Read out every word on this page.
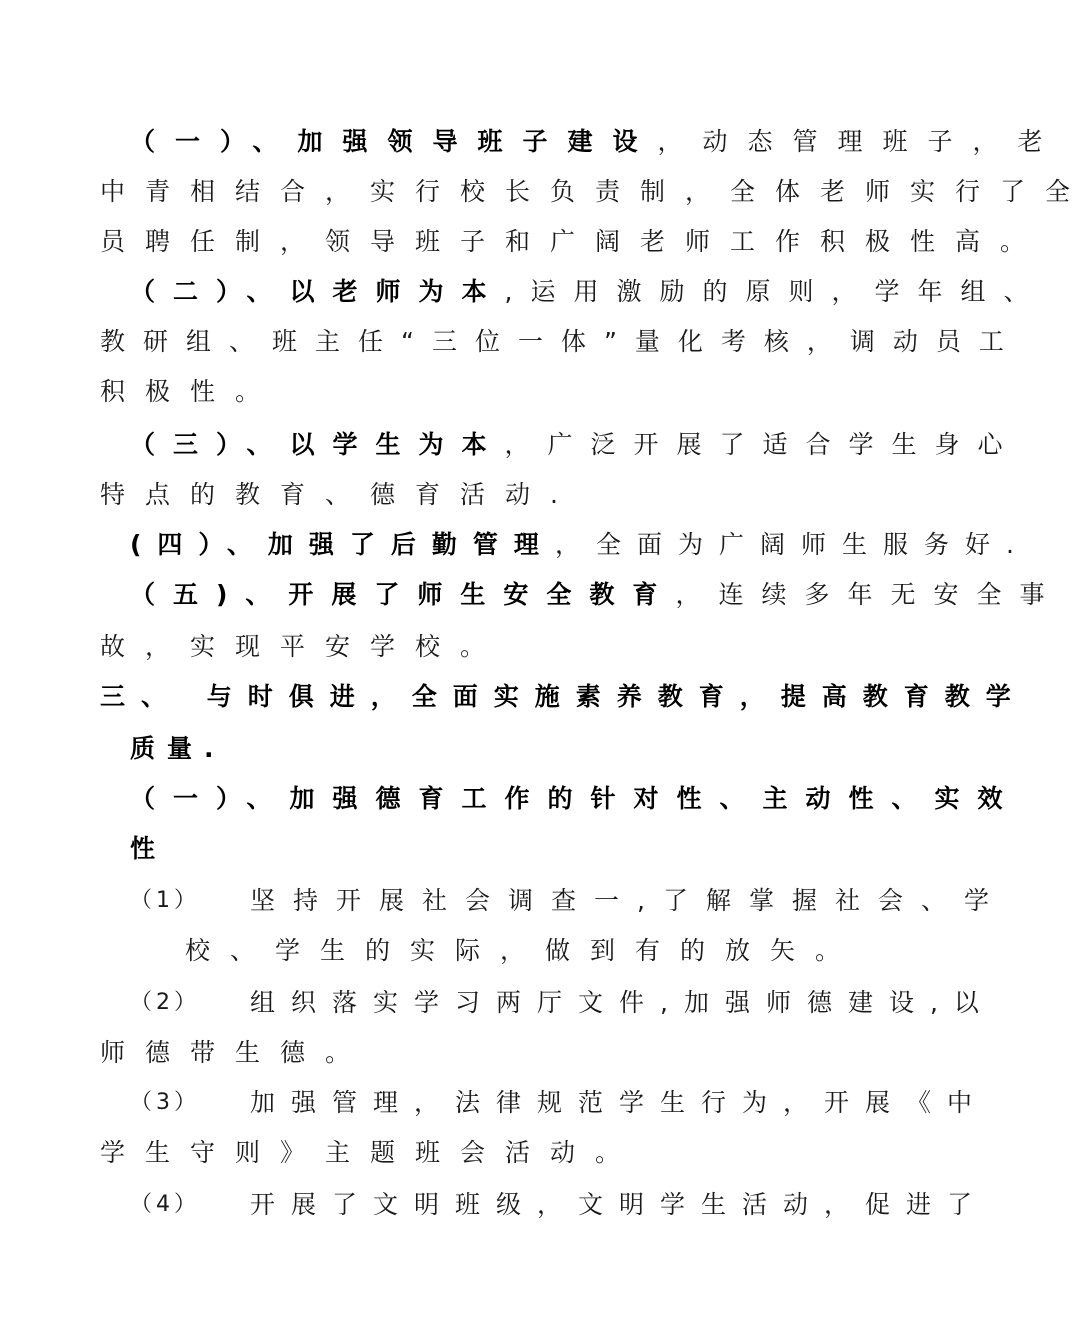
（一）、加强领导班子建设，动态管理班子，老
中青相结合，实行校长负责制，全体老师实行了全
员聘任制，领导班子和广阔老师工作积极性高。
（二）、以老师为本,运用激励的原则，学年组、
教研组、班主任“三位一体”量化考核，调动员工
积极性。
（三）、以学生为本，广泛开展了适合学生身心
特点的教育、德育活动.
(四）、加强了后勤管理，全面为广阔师生服务好.
（五)、开展了师生安全教育，连续多年无安全事
故，实现平安学校。
三、 与时俱进，全面实施素养教育，提高教育教学
质量.
（一）、加强德育工作的针对性、主动性、实效
性
（1） 坚持开展社会调查一,了解掌握社会、学
校、学生的实际，做到有的放矢。
（2） 组织落实学习两厅文件,加强师德建设,以
师德带生德。
（3） 加强管理，法律规范学生行为，开展《中
学生守则》主题班会活动。
（4） 开展了文明班级，文明学生活动，促进了
